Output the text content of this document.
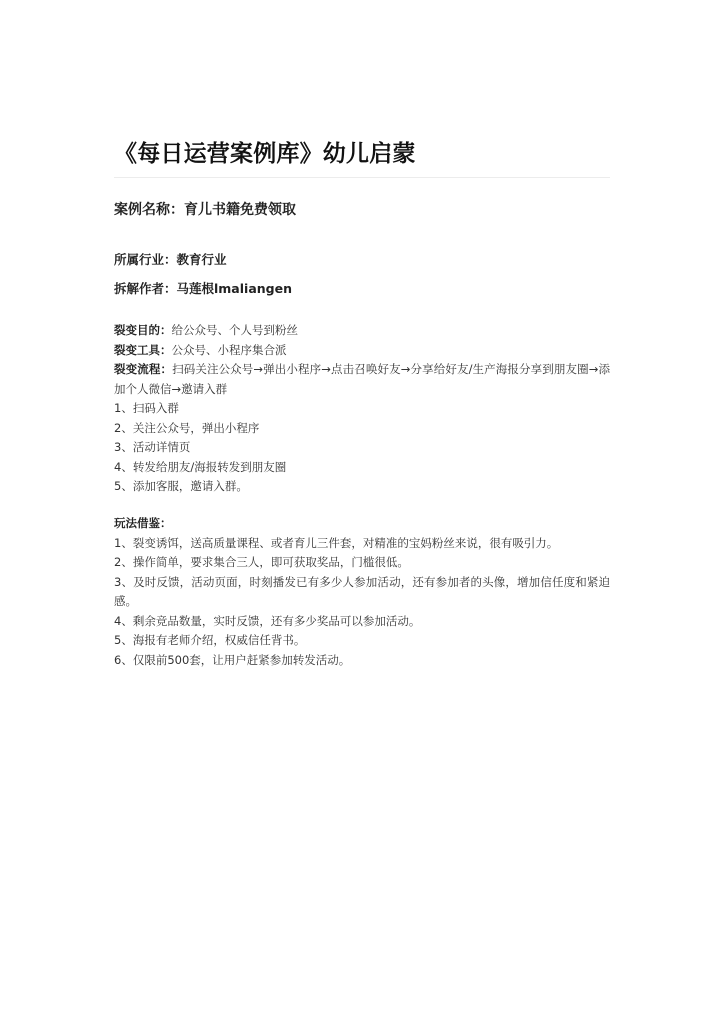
《每日运营案例库》幼儿启蒙
案例名称：育儿书籍免费领取
所属行业：教育行业
拆解作者：马莲根lmaliangen
裂变目的：给公众号、个人号到粉丝
裂变工具：公众号、小程序集合派
裂变流程：扫码关注公众号→弹出小程序→点击召唤好友→分享给好友/生产海报分享到朋友圈→添加个人微信→邀请入群
1、扫码入群
2、关注公众号，弹出小程序
3、活动详情页
4、转发给朋友/海报转发到朋友圈
5、添加客服，邀请入群。
玩法借鉴：
1、裂变诱饵，送高质量课程、或者育儿三件套，对精准的宝妈粉丝来说，很有吸引力。
2、操作简单，要求集合三人，即可获取奖品，门槛很低。
3、及时反馈，活动页面，时刻播发已有多少人参加活动，还有参加者的头像，增加信任度和紧迫感。
4、剩余竞品数量，实时反馈，还有多少奖品可以参加活动。
5、海报有老师介绍，权威信任背书。
6、仅限前500套，让用户赶紧参加转发活动。
